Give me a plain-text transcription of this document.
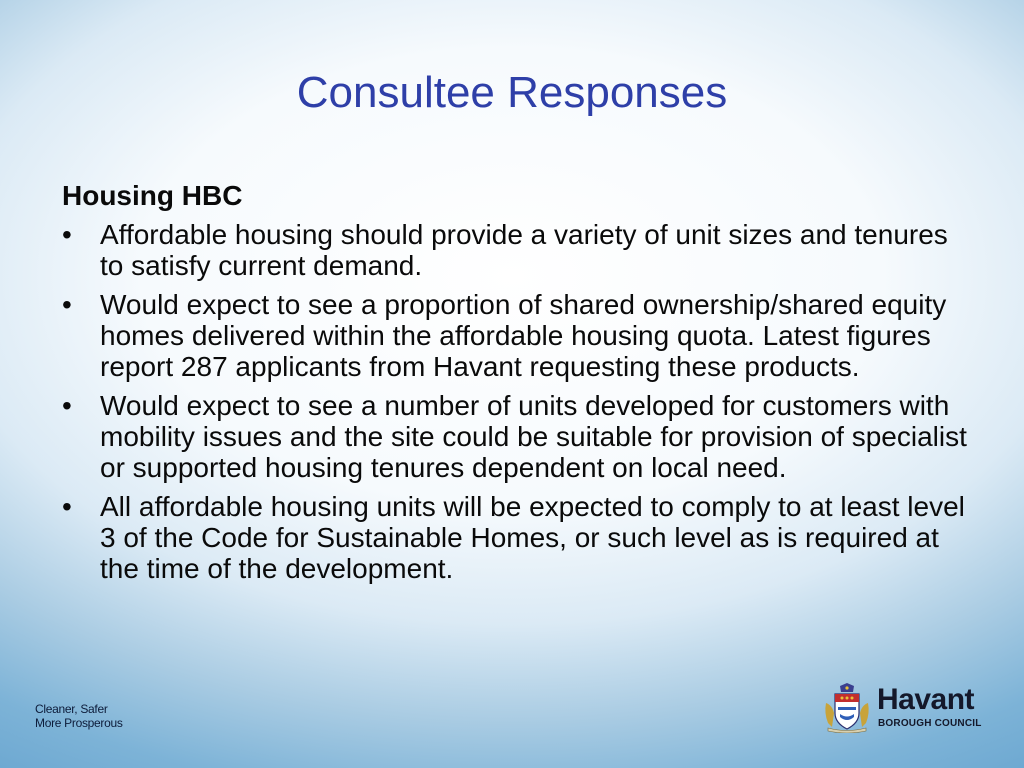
Consultee Responses
Housing HBC
• Affordable housing should provide a variety of unit sizes and tenures to satisfy current demand.
• Would expect to see a proportion of shared ownership/shared equity homes delivered within the affordable housing quota. Latest figures report 287 applicants from Havant requesting these products.
• Would expect to see a number of units developed for customers with mobility issues and the site could be suitable for provision of specialist or supported housing tenures dependent on local need.
• All affordable housing units will be expected to comply to at least level 3 of the Code for Sustainable Homes, or such level as is required at the time of the development.
Cleaner, Safer
More Prosperous
Havant
BOROUGH COUNCIL
